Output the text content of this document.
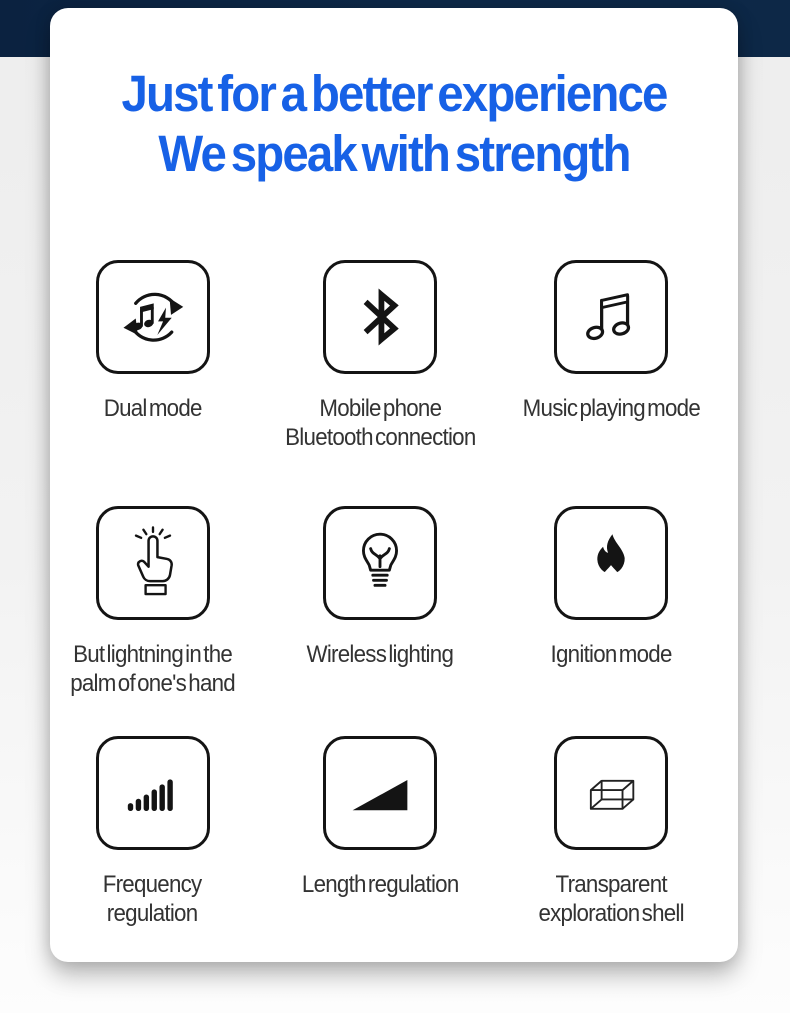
Just for a better experience
We speak with strength
Dual mode	Mobile phone
Bluetooth connection
Music playing mode
But lightning in the
palm of one's hand
Wireless lighting	Ignition mode
Frequency
regulation
Length regulation	Transparent
exploration shell
